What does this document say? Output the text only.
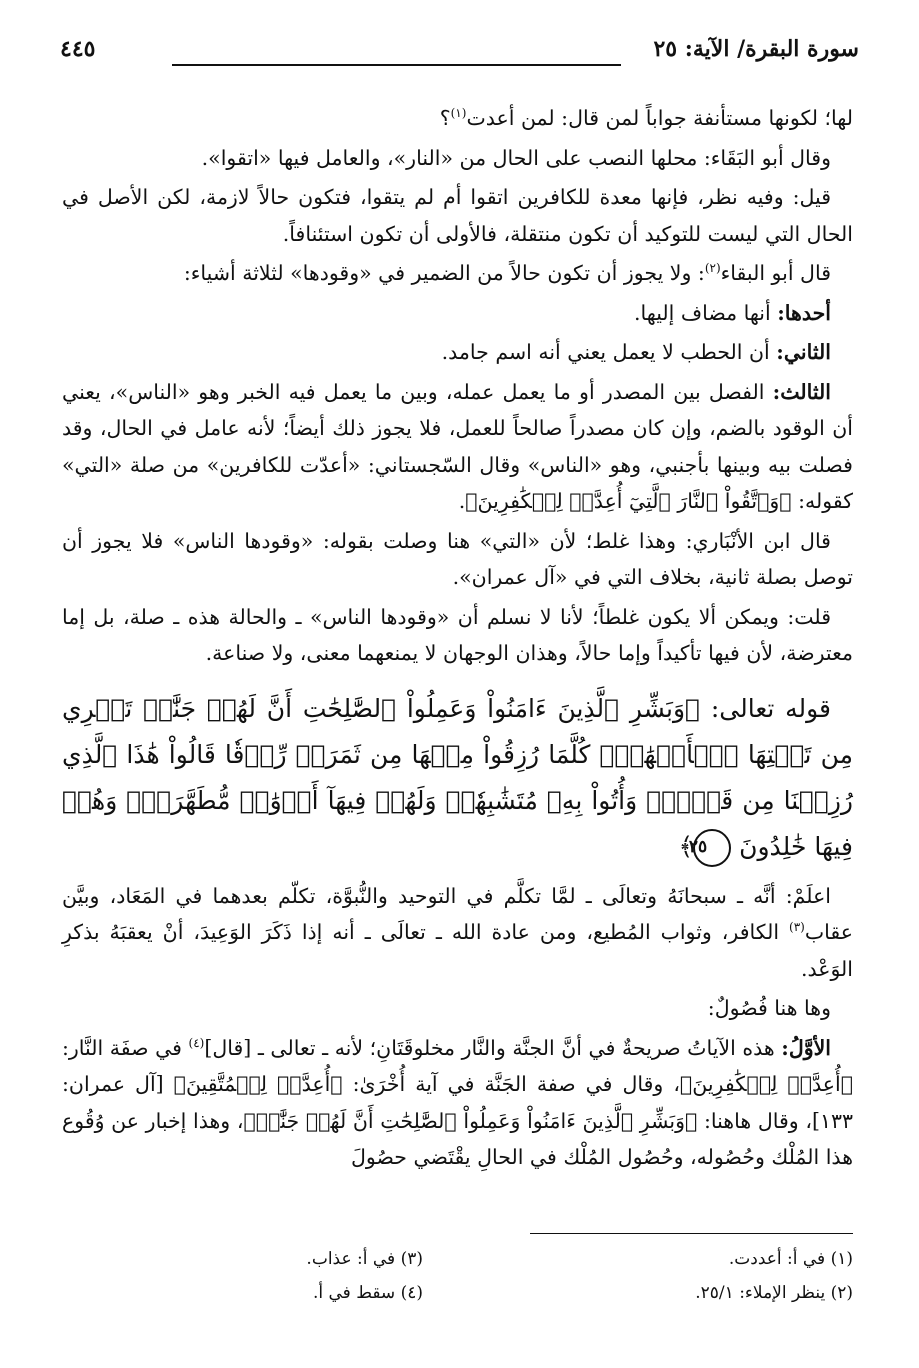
سورة البقرة/ الآية: ٢٥
٤٤٥

لها؛ لكونها مستأنفة جواباً لمن قال: لمن أعدت$^{(١)}$؟

وقال أبو البَقَاء: محلها النصب على الحال من «النار»، والعامل فيها «اتقوا».

قيل: وفيه نظر، فإنها معدة للكافرين اتقوا أم لم يتقوا، فتكون حالاً لازمة، لكن الأصل في الحال التي ليست للتوكيد أن تكون منتقلة، فالأولى أن تكون استئنافاً.

قال أبو البقاء$^{(٢)}$: ولا يجوز أن تكون حالاً من الضمير في «وقودها» لثلاثة أشياء:

أحدها: أنها مضاف إليها.

الثاني: أن الحطب لا يعمل يعني أنه اسم جامد.

الثالث: الفصل بين المصدر أو ما يعمل عمله، وبين ما يعمل فيه الخبر وهو «الناس»، يعني أن الوقود بالضم، وإن كان مصدراً صالحاً للعمل، فلا يجوز ذلك أيضاً؛ لأنه عامل في الحال، وقد فصلت بيه وبينها بأجنبي، وهو «الناس» وقال السّجستاني: «أعدّت للكافرين» من صلة «التي» كقوله: ﴿وَٱتَّقُواْ ٱلنَّارَ ٱلَّتِيٓ أُعِدَّتۡ لِلۡكَٰفِرِينَ﴾.

قال ابن الأنْبَاري: وهذا غلط؛ لأن «التي» هنا وصلت بقوله: «وقودها الناس» فلا يجوز أن توصل بصلة ثانية، بخلاف التي في «آل عمران».

قلت: ويمكن ألا يكون غلطاً؛ لأنا لا نسلم أن «وقودها الناس» ـ والحالة هذه ـ صلة، بل إما معترضة، لأن فيها تأكيداً وإما حالاً، وهذان الوجهان لا يمنعهما معنى، ولا صناعة.

قوله تعالى: ﴿وَبَشِّرِ ٱلَّذِينَ ءَامَنُواْ وَعَمِلُواْ ٱلصَّٰلِحَٰتِ أَنَّ لَهُمۡ جَنَّٰتٖ تَجۡرِي مِن تَحۡتِهَا ٱلۡأَنۡهَٰرُۖ كُلَّمَا رُزِقُواْ مِنۡهَا مِن ثَمَرَةٖ رِّزۡقٗا قَالُواْ هَٰذَا ٱلَّذِي رُزِقۡنَا مِن قَبۡلُۖ وَأُتُواْ بِهِۦ مُتَشَٰبِهٗاۖ وَلَهُمۡ فِيهَآ أَزۡوَٰجٞ مُّطَهَّرَةٞۖ وَهُمۡ فِيهَا خَٰلِدُونَ ٢٥﴾

اعلَمْ: أنَّه ـ سبحانَهُ وتعالَى ـ لمَّا تكلَّم في التوحيد والنُّبوَّة، تكلّم بعدهما في المَعَاد، وبيَّن عقاب$^{(٣)}$ الكافر، وثواب المُطيع، ومن عادة الله ـ تعالَى ـ أنه إذا ذَكَرَ الوَعِيدَ، أنْ يعقبَهُ بذكرِ الوَعْد.

وها هنا فُصُولٌ:

الأوَّلُ: هذه الآياتُ صريحةٌ في أنَّ الجنَّة والنَّار مخلوقَتَانِ؛ لأنه ـ تعالى ـ [قال]$^{(٤)}$ في صفَة النَّار: ﴿أُعِدَّتۡ لِلۡكَٰفِرِينَ﴾، وقال في صفة الجَنَّة في آية أُخْرَىٰ: ﴿أُعِدَّتۡ لِلۡمُتَّقِينَ﴾ [آل عمران: ١٣٣]، وقال هاهنا: ﴿وَبَشِّرِ ٱلَّذِينَ ءَامَنُواْ وَعَمِلُواْ ٱلصَّٰلِحَٰتِ أَنَّ لَهُمۡ جَنَّٰتٖ﴾، وهذا إخبار عن وُقُوع هذا المُلْك وحُصُوله، وحُصُول المُلْك في الحالِ يقْتَضي حصُولَ

(١) في أ: أعددت.
(٢) ينظر الإملاء: ٢٥/١.
(٣) في أ: عذاب.
(٤) سقط في أ.
